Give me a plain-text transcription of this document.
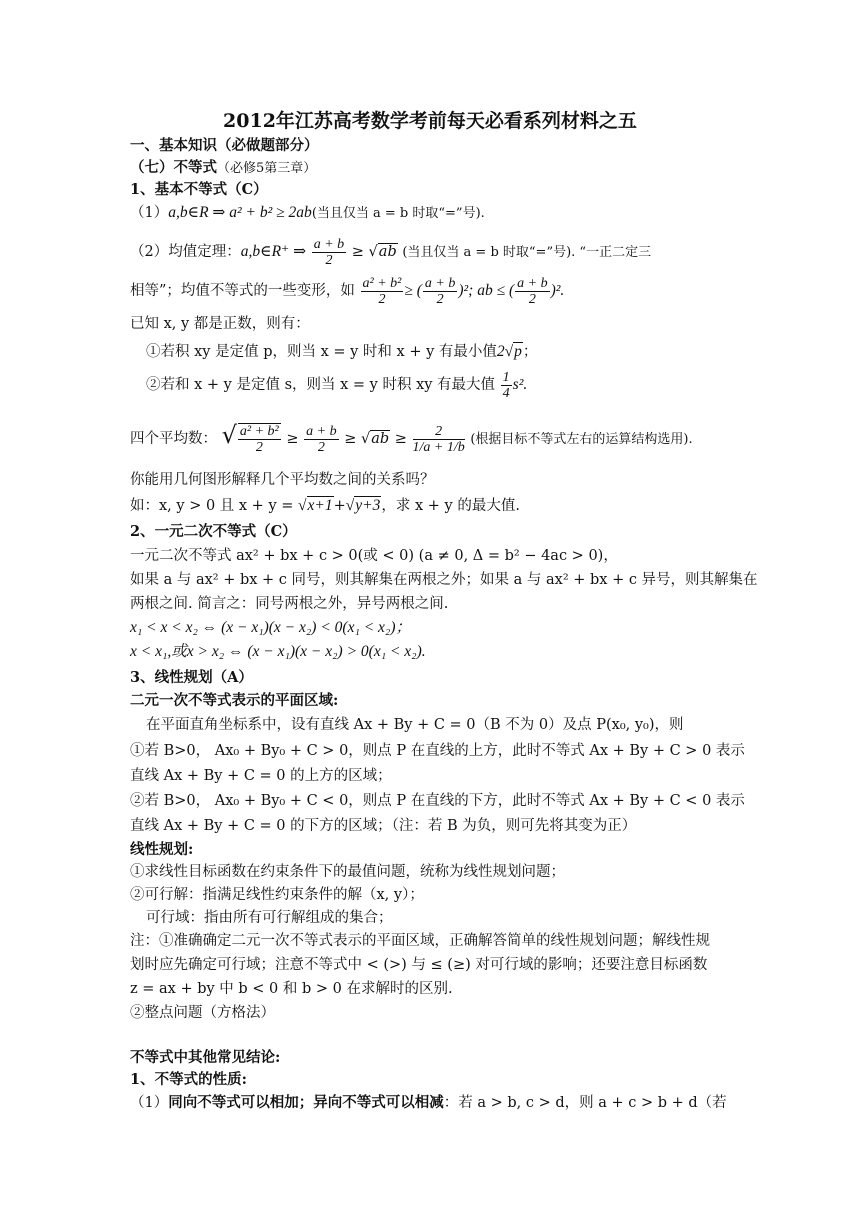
2012年江苏高考数学考前每天必看系列材料之五
一、基本知识（必做题部分）
（七）不等式（必修5第三章）
1、基本不等式（C）
（1）a,b∈R ⇒ a² + b² ≥ 2ab(当且仅当 a = b 时取“=”号).
（2）均值定理：a,b∈R⁺ ⇒ $\frac{a + b}{2} \ge √ab$ (当且仅当 a = b 时取“=”号). “一正二定三
相等”；均值不等式的一些变形，如 $\frac{\text{a² + b²}}{2}$ ≥ ( $\frac{a + b}{2} )^2$; ab ≤ ( $\frac{a + b}{2} )^2$.
已知 x, y 都是正数，则有：
①若积 xy 是定值 p，则当 x = y 时和 x + y 有最小值2√p；
②若和 x + y 是定值 s，则当 x = y 时积 xy 有最大值 $\frac{1}{4} s^2$.
四个平均数： √ $\frac{\text{a² + b²}}{2} \ge \frac{a + b}{2} \ge √ab \ge \frac{2}{1/a + 1/b}$ (根据目标不等式左右的运算结构选用).
你能用几何图形解释几个平均数之间的关系吗？
如：x, y > 0 且 x + y = √x+1+√y+3，求 x + y 的最大值.
2、一元二次不等式（C）
一元二次不等式 ax² + bx + c > 0(或 < 0) (a ≠ 0, Δ = b² − 4ac > 0)，
如果 a 与 ax² + bx + c 同号，则其解集在两根之外；如果 a 与 ax² + bx + c 异号，则其解集在
两根之间. 简言之：同号两根之外，异号两根之间.
x₁ < x < x₂ ⇔ (x − x₁)(x − x₂) < 0(x₁ < x₂)；
x < x₁,或x > x₂ ⇔ (x − x₁)(x − x₂) > 0(x₁ < x₂).
3、线性规划（A）
二元一次不等式表示的平面区域:
在平面直角坐标系中，设有直线 Ax + By + C = 0（B 不为 0）及点 P(x₀, y₀)，则
①若 B>0， Ax₀ + By₀ + C > 0，则点 P 在直线的上方，此时不等式 Ax + By + C > 0 表示
直线 Ax + By + C = 0 的上方的区域；
②若 B>0， Ax₀ + By₀ + C < 0，则点 P 在直线的下方，此时不等式 Ax + By + C < 0 表示
直线 Ax + By + C = 0 的下方的区域；（注：若 B 为负，则可先将其变为正）
线性规划:
①求线性目标函数在约束条件下的最值问题，统称为线性规划问题；
②可行解：指满足线性约束条件的解（x, y）；
可行域：指由所有可行解组成的集合；
注：①准确确定二元一次不等式表示的平面区域，正确解答简单的线性规划问题；解线性规
划时应先确定可行域；注意不等式中 < (>) 与 ≤ (≥) 对可行域的影响；还要注意目标函数
z = ax + by 中 b < 0 和 b > 0 在求解时的区别.
②整点问题（方格法）
不等式中其他常见结论:
1、不等式的性质:
（1）同向不等式可以相加；异向不等式可以相减：若 a > b, c > d，则 a + c > b + d（若
